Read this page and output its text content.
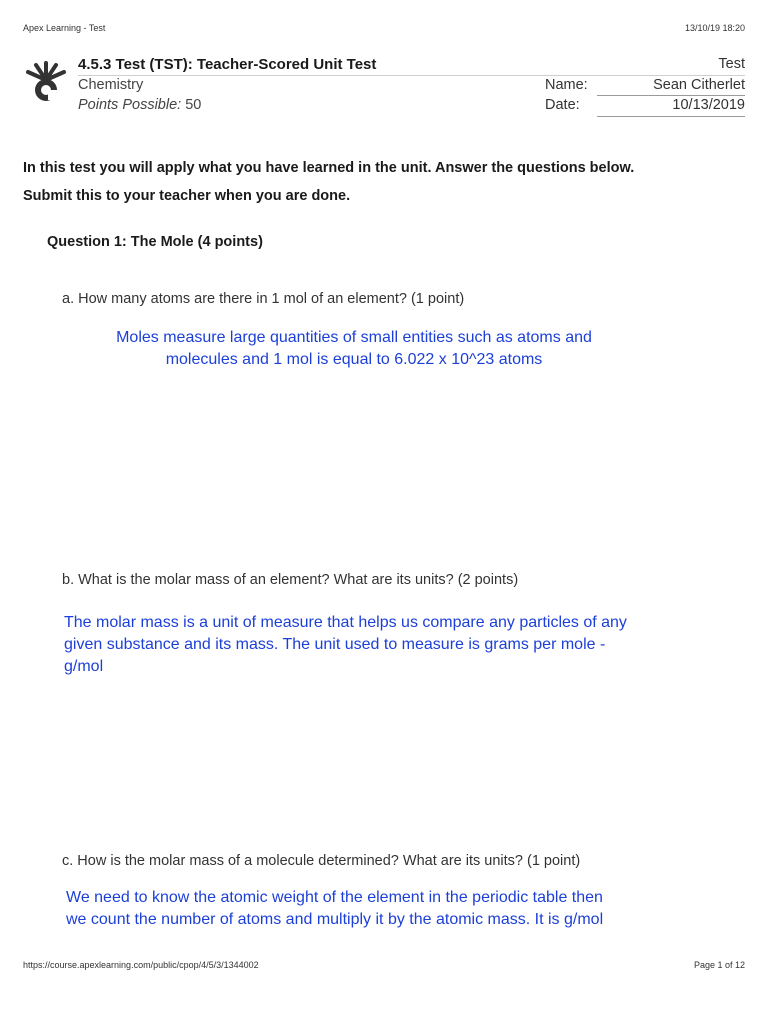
Apex Learning - Test	13/10/19 18:20
4.5.3 Test (TST): Teacher-Scored Unit Test	Test
Chemistry
Points Possible: 50
Name:	Sean Citherlet
Date:	10/13/2019
In this test you will apply what you have learned in the unit. Answer the questions below.
Submit this to your teacher when you are done.
Question 1: The Mole (4 points)
a. How many atoms are there in 1 mol of an element? (1 point)
Moles measure large quantities of small entities such as atoms and
molecules and 1 mol is equal to 6.022 x 10^23 atoms
b. What is the molar mass of an element? What are its units? (2 points)
The molar mass is a unit of measure that helps us compare any particles of any
given substance and its mass. The unit used to measure is grams per mole -
g/mol
c. How is the molar mass of a molecule determined? What are its units? (1 point)
We need to know the atomic weight of the element in the periodic table then
we count the number of atoms and multiply it by the atomic mass. It is g/mol
https://course.apexlearning.com/public/cpop/4/5/3/1344002	Page 1 of 12
